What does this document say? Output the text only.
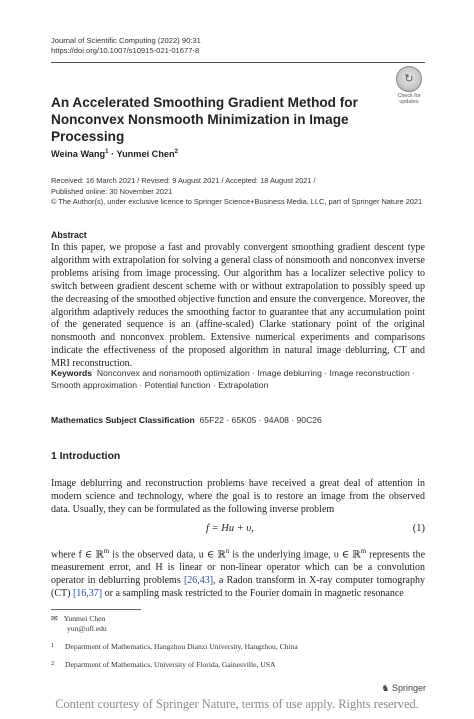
Journal of Scientific Computing (2022) 90:31
https://doi.org/10.1007/s10915-021-01677-8
↻
Check for
updates
An Accelerated Smoothing Gradient Method for Nonconvex Nonsmooth Minimization in Image Processing
Weina Wang$^1$ · Yunmei Chen$^2$
Received: 16 March 2021 / Revised: 9 August 2021 / Accepted: 18 August 2021 /
Published online: 30 November 2021
© The Author(s), under exclusive licence to Springer Science+Business Media, LLC, part of Springer Nature 2021
Abstract
In this paper, we propose a fast and provably convergent smoothing gradient descent type algorithm with extrapolation for solving a general class of nonsmooth and nonconvex inverse problems arising from image processing. Our algorithm has a localizer selective policy to switch between gradient descent scheme with or without extrapolation to possibly speed up the decreasing of the smoothed objective function and ensure the convergence. Moreover, the algorithm adaptively reduces the smoothing factor to guarantee that any accumulation point of the generated sequence is an (affine-scaled) Clarke stationary point of the original nonsmooth and nonconvex problem. Extensive numerical experiments and comparisons indicate the effectiveness of the proposed algorithm in natural image deblurring, CT and MRI reconstruction.
Keywords Nonconvex and nonsmooth optimization · Image deblurring · Image reconstruction · Smooth approximation · Potential function · Extrapolation
Mathematics Subject Classification 65F22 · 65K05 · 94A08 · 90C26
1 Introduction
Image deblurring and reconstruction problems have received a great deal of attention in modern science and technology, where the goal is to restore an image from the observed data. Usually, they can be formulated as the following inverse problem
f = Hu + υ,	(1)
where f ∈ ℝ$^m$ is the observed data, u ∈ ℝ$^n$ is the underlying image, υ ∈ ℝ$^m$ represents the measurement error, and H is linear or non-linear operator which can be a convolution operator in deblurring problems [26,43], a Radon transform in X-ray computer tomography (CT) [16,37] or a sampling mask restricted to the Fourier domain in magnetic resonance
✉ Yunmei Chen
yun@ufl.edu
1 Department of Mathematics, Hangzhou Dianzi University, Hangzhou, China
2 Department of Mathematics, University of Florida, Gainesville, USA
♞ Springer
Content courtesy of Springer Nature, terms of use apply. Rights reserved.
